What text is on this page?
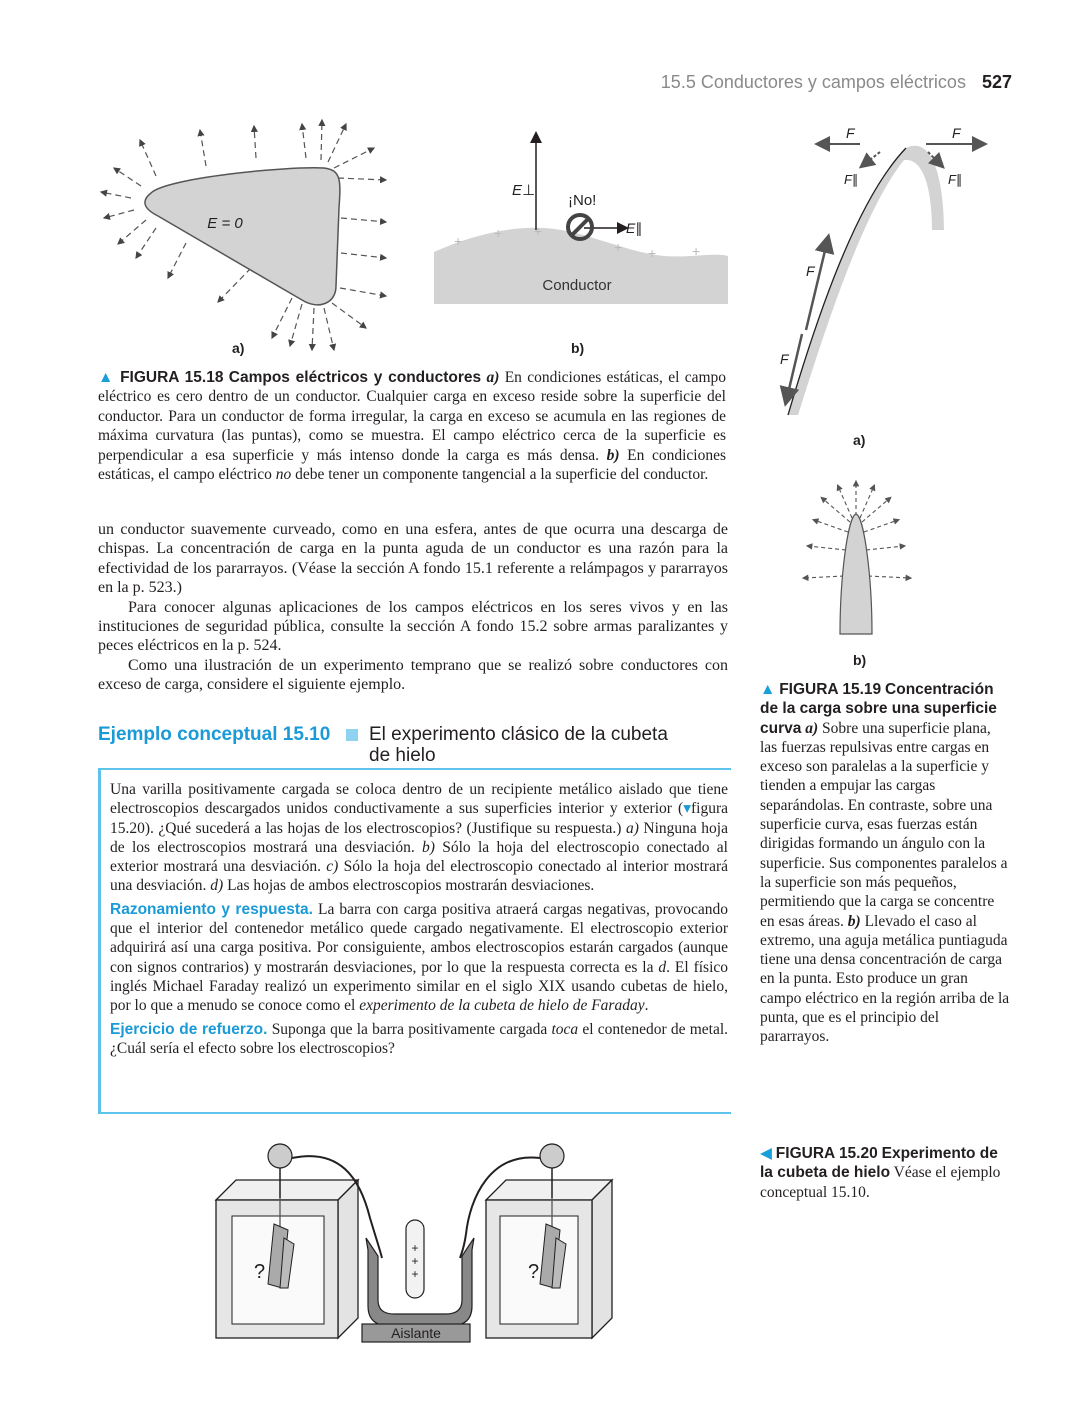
15.5 Conductores y campos eléctricos 527
E = 0
a)
+ + +
+ +	+
E⊥
¡No!
E∥
Conductor
b)
▲ FIGURA 15.18 Campos eléctricos y conductores a) En condiciones estáticas, el campo eléctrico es cero dentro de un conductor. Cualquier carga en exceso reside sobre la superficie del conductor. Para un conductor de forma irregular, la carga en exceso se acumula en las regiones de máxima curvatura (las puntas), como se muestra. El campo eléctrico cerca de la superficie es perpendicular a esa superficie y más intenso donde la carga es más densa. b) En condiciones estáticas, el campo eléctrico no debe tener un componente tangencial a la superficie del conductor.

un conductor suavemente curveado, como en una esfera, antes de que ocurra una descarga de chispas. La concentración de carga en la punta aguda de un conductor es una razón para la efectividad de los pararrayos. (Véase la sección A fondo 15.1 referente a relámpagos y pararrayos en la p. 523.)

Para conocer algunas aplicaciones de los campos eléctricos en los seres vivos y en las instituciones de seguridad pública, consulte la sección A fondo 15.2 sobre armas paralizantes y peces eléctricos en la p. 524.

Como una ilustración de un experimento temprano que se realizó sobre conductores con exceso de carga, considere el siguiente ejemplo.

Ejemplo conceptual 15.10 El experimento clásico de la cubeta
de hielo

Una varilla positivamente cargada se coloca dentro de un recipiente metálico aislado que tiene electroscopios descargados unidos conductivamente a sus superficies interior y exterior (▾figura 15.20). ¿Qué sucederá a las hojas de los electroscopios? (Justifique su respuesta.) a) Ninguna hoja de los electroscopios mostrará una desviación. b) Sólo la hoja del electroscopio conectado al exterior mostrará una desviación. c) Sólo la hoja del electroscopio conectado al interior mostrará una desviación. d) Las hojas de ambos electroscopios mostrarán desviaciones.

Razonamiento y respuesta. La barra con carga positiva atraerá cargas negativas, provocando que el interior del contenedor metálico quede cargado negativamente. El electroscopio exterior adquirirá así una carga positiva. Por consiguiente, ambos electroscopios estarán cargados (aunque con signos contrarios) y mostrarán desviaciones, por lo que la respuesta correcta es la d. El físico inglés Michael Faraday realizó un experimento similar en el siglo XIX usando cubetas de hielo, por lo que a menudo se conoce como el experimento de la cubeta de hielo de Faraday.

Ejercicio de refuerzo. Suponga que la barra positivamente cargada toca el contenedor de metal. ¿Cuál sería el efecto sobre los electroscopios?

F	F
F∥	F∥
F
F
a)
b)
▲ FIGURA 15.19 Concentración de la carga sobre una superficie curva a) Sobre una superficie plana, las fuerzas repulsivas entre cargas en exceso son paralelas a la superficie y tienden a empujar las cargas separándolas. En contraste, sobre una superficie curva, esas fuerzas están dirigidas formando un ángulo con la superficie. Sus componentes paralelos a la superficie son más pequeños, permitiendo que la carga se concentre en esas áreas. b) Llevado el caso al extremo, una aguja metálica puntiaguda tiene una densa concentración de carga en la punta. Esto produce un gran campo eléctrico en la región arriba de la punta, que es el principio del pararrayos.
?	?
+
+
+
Aislante
◀ FIGURA 15.20 Experimento de la cubeta de hielo Véase el ejemplo conceptual 15.10.
